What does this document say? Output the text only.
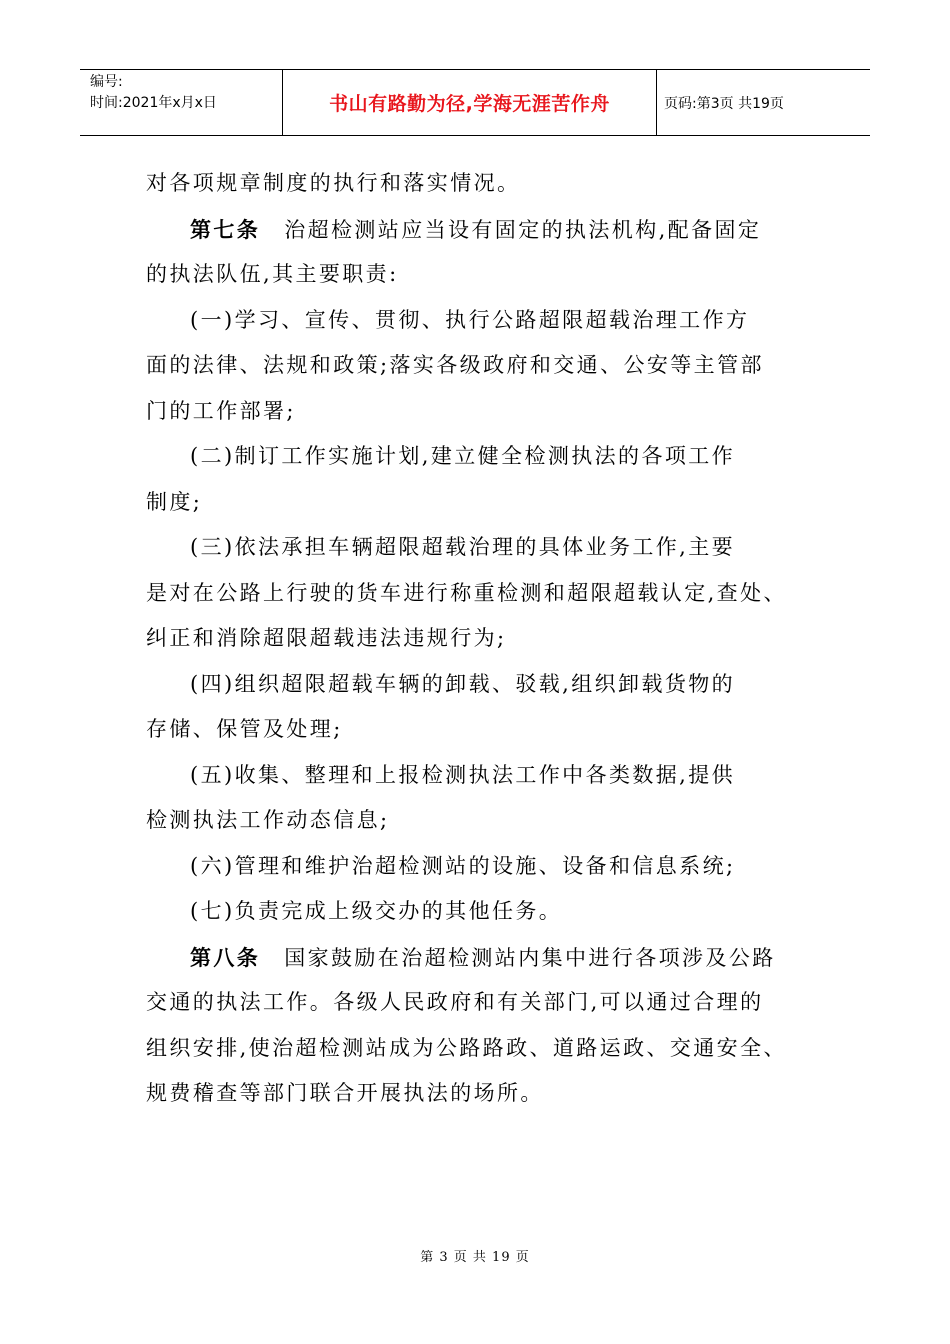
编号:
时间:2021年x月x日	书山有路勤为径,学海无涯苦作舟	页码:第3页 共19页
对各项规章制度的执行和落实情况。
第七条 治超检测站应当设有固定的执法机构,配备固定
的执法队伍,其主要职责:
(一)学习、宣传、贯彻、执行公路超限超载治理工作方
面的法律、法规和政策;落实各级政府和交通、公安等主管部
门的工作部署;
(二)制订工作实施计划,建立健全检测执法的各项工作
制度;
(三)依法承担车辆超限超载治理的具体业务工作,主要
是对在公路上行驶的货车进行称重检测和超限超载认定,查处、
纠正和消除超限超载违法违规行为;
(四)组织超限超载车辆的卸载、驳载,组织卸载货物的
存储、保管及处理;
(五)收集、整理和上报检测执法工作中各类数据,提供
检测执法工作动态信息;
(六)管理和维护治超检测站的设施、设备和信息系统;
(七)负责完成上级交办的其他任务。
第八条 国家鼓励在治超检测站内集中进行各项涉及公路
交通的执法工作。各级人民政府和有关部门,可以通过合理的
组织安排,使治超检测站成为公路路政、道路运政、交通安全、
规费稽查等部门联合开展执法的场所。
第 3 页 共 19 页
